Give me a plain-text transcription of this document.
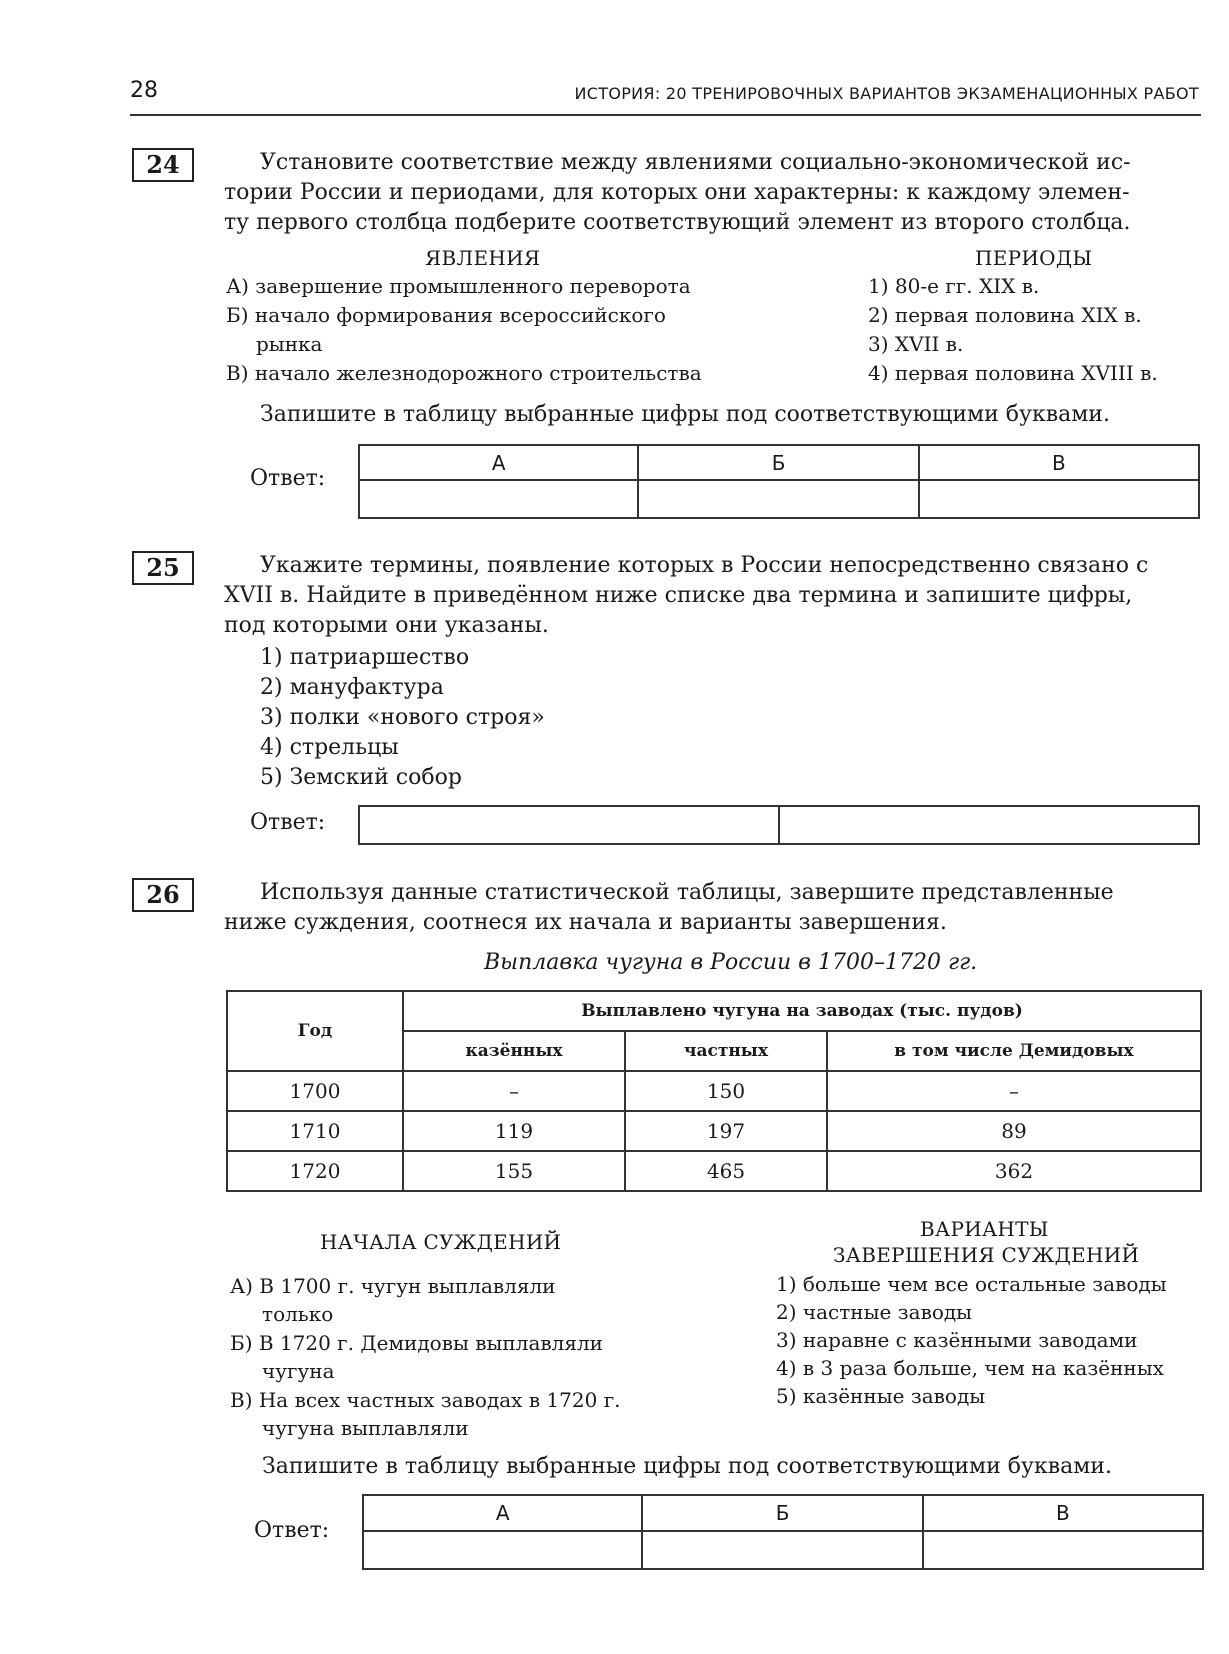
28	ИСТОРИЯ: 20 ТРЕНИРОВОЧНЫХ ВАРИАНТОВ ЭКЗАМЕНАЦИОННЫХ РАБОТ
24	Установите соответствие между явлениями социально-экономической ис-
тории России и периодами, для которых они характерны: к каждому элемен-
ту первого столбца подберите соответствующий элемент из второго столбца.
ЯВЛЕНИЯ	ПЕРИОДЫ
А) завершение промышленного переворота
Б) начало формирования всероссийского
рынка
В) начало железнодорожного строительства
1) 80-е гг. XIX в.
2) первая половина XIX в.
3) XVII в.
4) первая половина XVIII в.
Запишите в таблицу выбранные цифры под соответствующими буквами.
Ответ:
А	Б	В

25	Укажите термины, появление которых в России непосредственно связано с
XVII в. Найдите в приведённом ниже списке два термина и запишите цифры,
под которыми они указаны.
1) патриаршество
2) мануфактура
3) полки «нового строя»
4) стрельцы
5) Земский собор
Ответ:

26	Используя данные статистической таблицы, завершите представленные
ниже суждения, соотнеся их начала и варианты завершения.
Выплавка чугуна в России в 1700–1720 гг.
Год	Выплавлено чугуна на заводах (тыс. пудов)		
	казённых	частных	в том числе Демидовых
1700	–	150	–
1710	119	197	89
1720	155	465	362
НАЧАЛА СУЖДЕНИЙ
ВАРИАНТЫ
ЗАВЕРШЕНИЯ СУЖДЕНИЙ
А) В 1700 г. чугун выплавляли
только
Б) В 1720 г. Демидовы выплавляли
чугуна
В) На всех частных заводах в 1720 г.
чугуна выплавляли
1) больше чем все остальные заводы
2) частные заводы
3) наравне с казёнными заводами
4) в 3 раза больше, чем на казённых
5) казённые заводы
Запишите в таблицу выбранные цифры под соответствующими буквами.
Ответ:
А	Б	В
